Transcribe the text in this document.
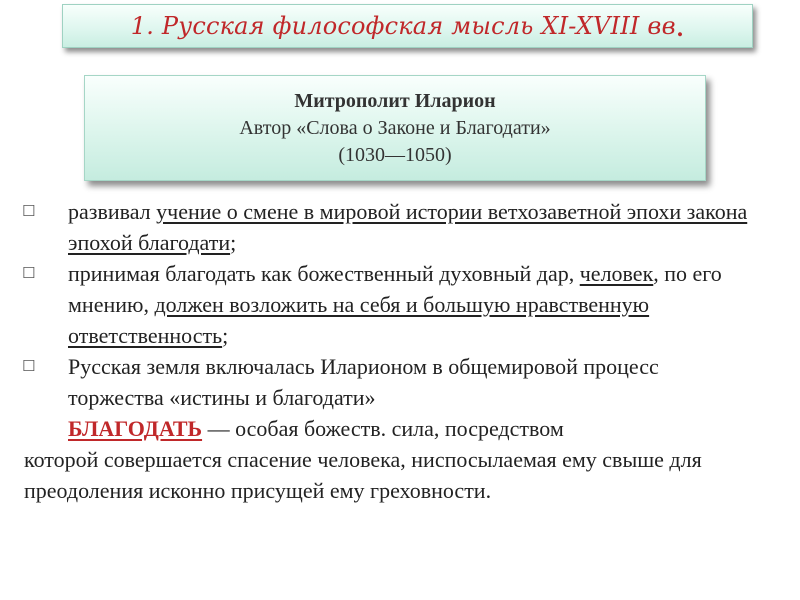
1. Русская философская мысль XI-XVIII вв .
Митрополит Иларион
Автор «Слова о Законе и Благодати»
(1030—1050)
☐ развивал учение о смене в мировой истории ветхозаветной эпохи закона эпохой благодати;
☐ принимая благодать как божественный духовный дар, человек, по его мнению, должен возложить на себя и большую нравственную ответственность;
☐ Русская земля включалась Иларионом в общемировой процесс торжества «истины и благодати»
БЛАГОДАТЬ — особая божеств. сила, посредством
которой совершается спасение человека, ниспосылаемая ему свыше для преодоления исконно присущей ему греховности.
